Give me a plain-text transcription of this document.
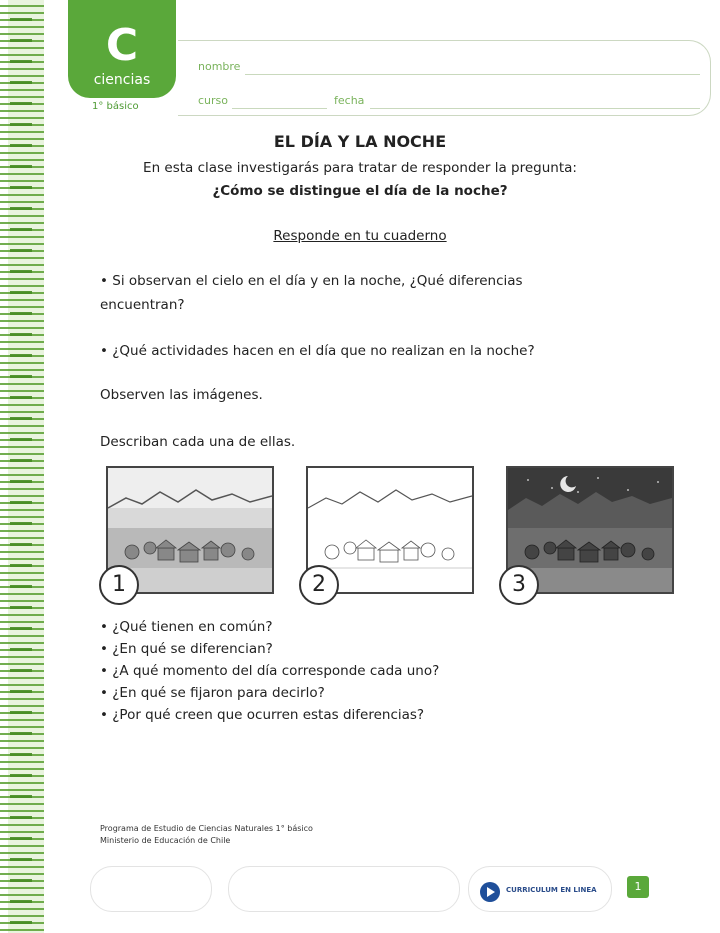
C
ciencias
1° básico
nombre
curso	fecha
EL DÍA Y LA NOCHE
En esta clase investigarás para tratar de responder la pregunta:
¿Cómo se distingue el día de la noche?
Responde en tu cuaderno
• Si observan el cielo en el día y en la noche, ¿Qué diferencias
encuentran?
• ¿Qué actividades hacen en el día que no realizan en la noche?
Observen las imágenes.
Describan cada una de ellas.
1	2	3
• ¿Qué tienen en común?
• ¿En qué se diferencian?
• ¿A qué momento del día corresponde cada uno?
• ¿En qué se fijaron para decirlo?
• ¿Por qué creen que ocurren estas diferencias?
Programa de Estudio de Ciencias Naturales 1° básico
Ministerio de Educación de Chile
CURRICULUM EN LINEA	1
